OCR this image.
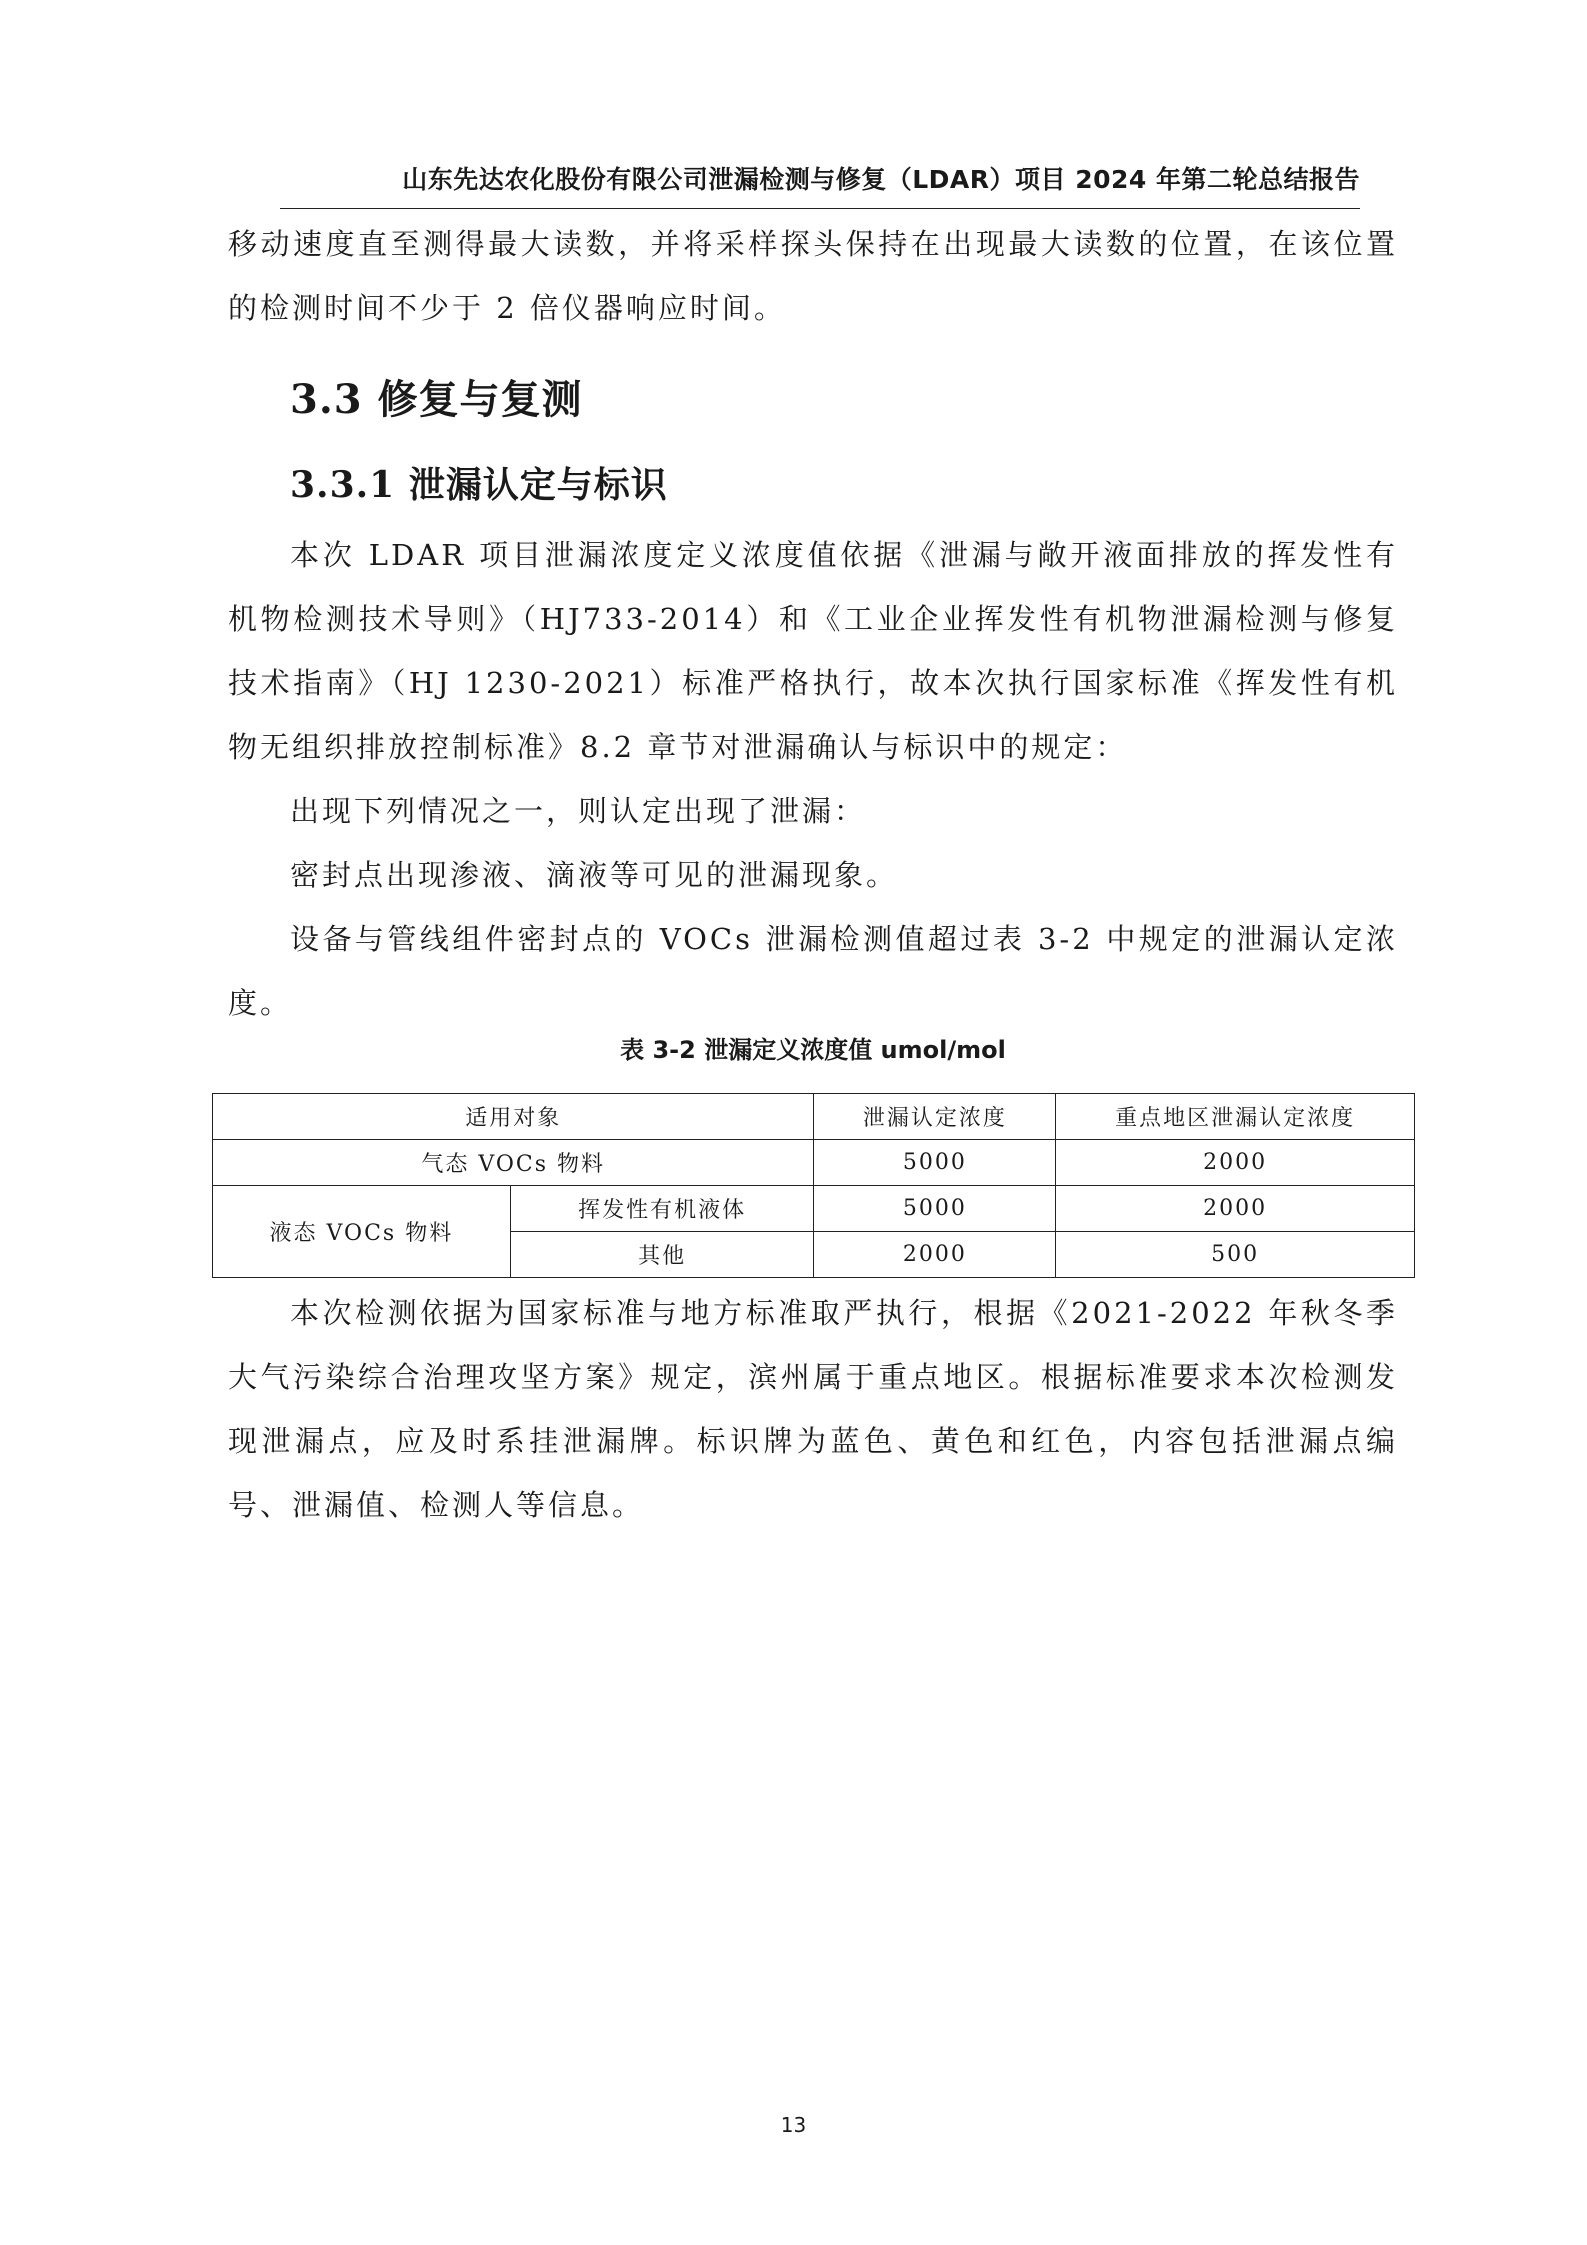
山东先达农化股份有限公司泄漏检测与修复（LDAR）项目 2024 年第二轮总结报告

移动速度直至测得最大读数，并将采样探头保持在出现最大读数的位置，在该位置的检测时间不少于 2 倍仪器响应时间。

3.3 修复与复测
3.3.1 泄漏认定与标识

本次 LDAR 项目泄漏浓度定义浓度值依据《泄漏与敞开液面排放的挥发性有机物检测技术导则》（HJ733-2014）和《工业企业挥发性有机物泄漏检测与修复技术指南》（HJ 1230-2021）标准严格执行，故本次执行国家标准《挥发性有机物无组织排放控制标准》8.2 章节对泄漏确认与标识中的规定：

出现下列情况之一，则认定出现了泄漏：

密封点出现渗液、滴液等可见的泄漏现象。

设备与管线组件密封点的 VOCs 泄漏检测值超过表 3-2 中规定的泄漏认定浓度。

表 3-2 泄漏定义浓度值 umol/mol
适用对象		泄漏认定浓度	重点地区泄漏认定浓度
气态 VOCs 物料		5000	2000
液态 VOCs 物料	挥发性有机液体	5000	2000
	其他	2000	500

本次检测依据为国家标准与地方标准取严执行，根据《2021-2022 年秋冬季大气污染综合治理攻坚方案》规定，滨州属于重点地区。根据标准要求本次检测发现泄漏点，应及时系挂泄漏牌。标识牌为蓝色、黄色和红色，内容包括泄漏点编号、泄漏值、检测人等信息。

13
